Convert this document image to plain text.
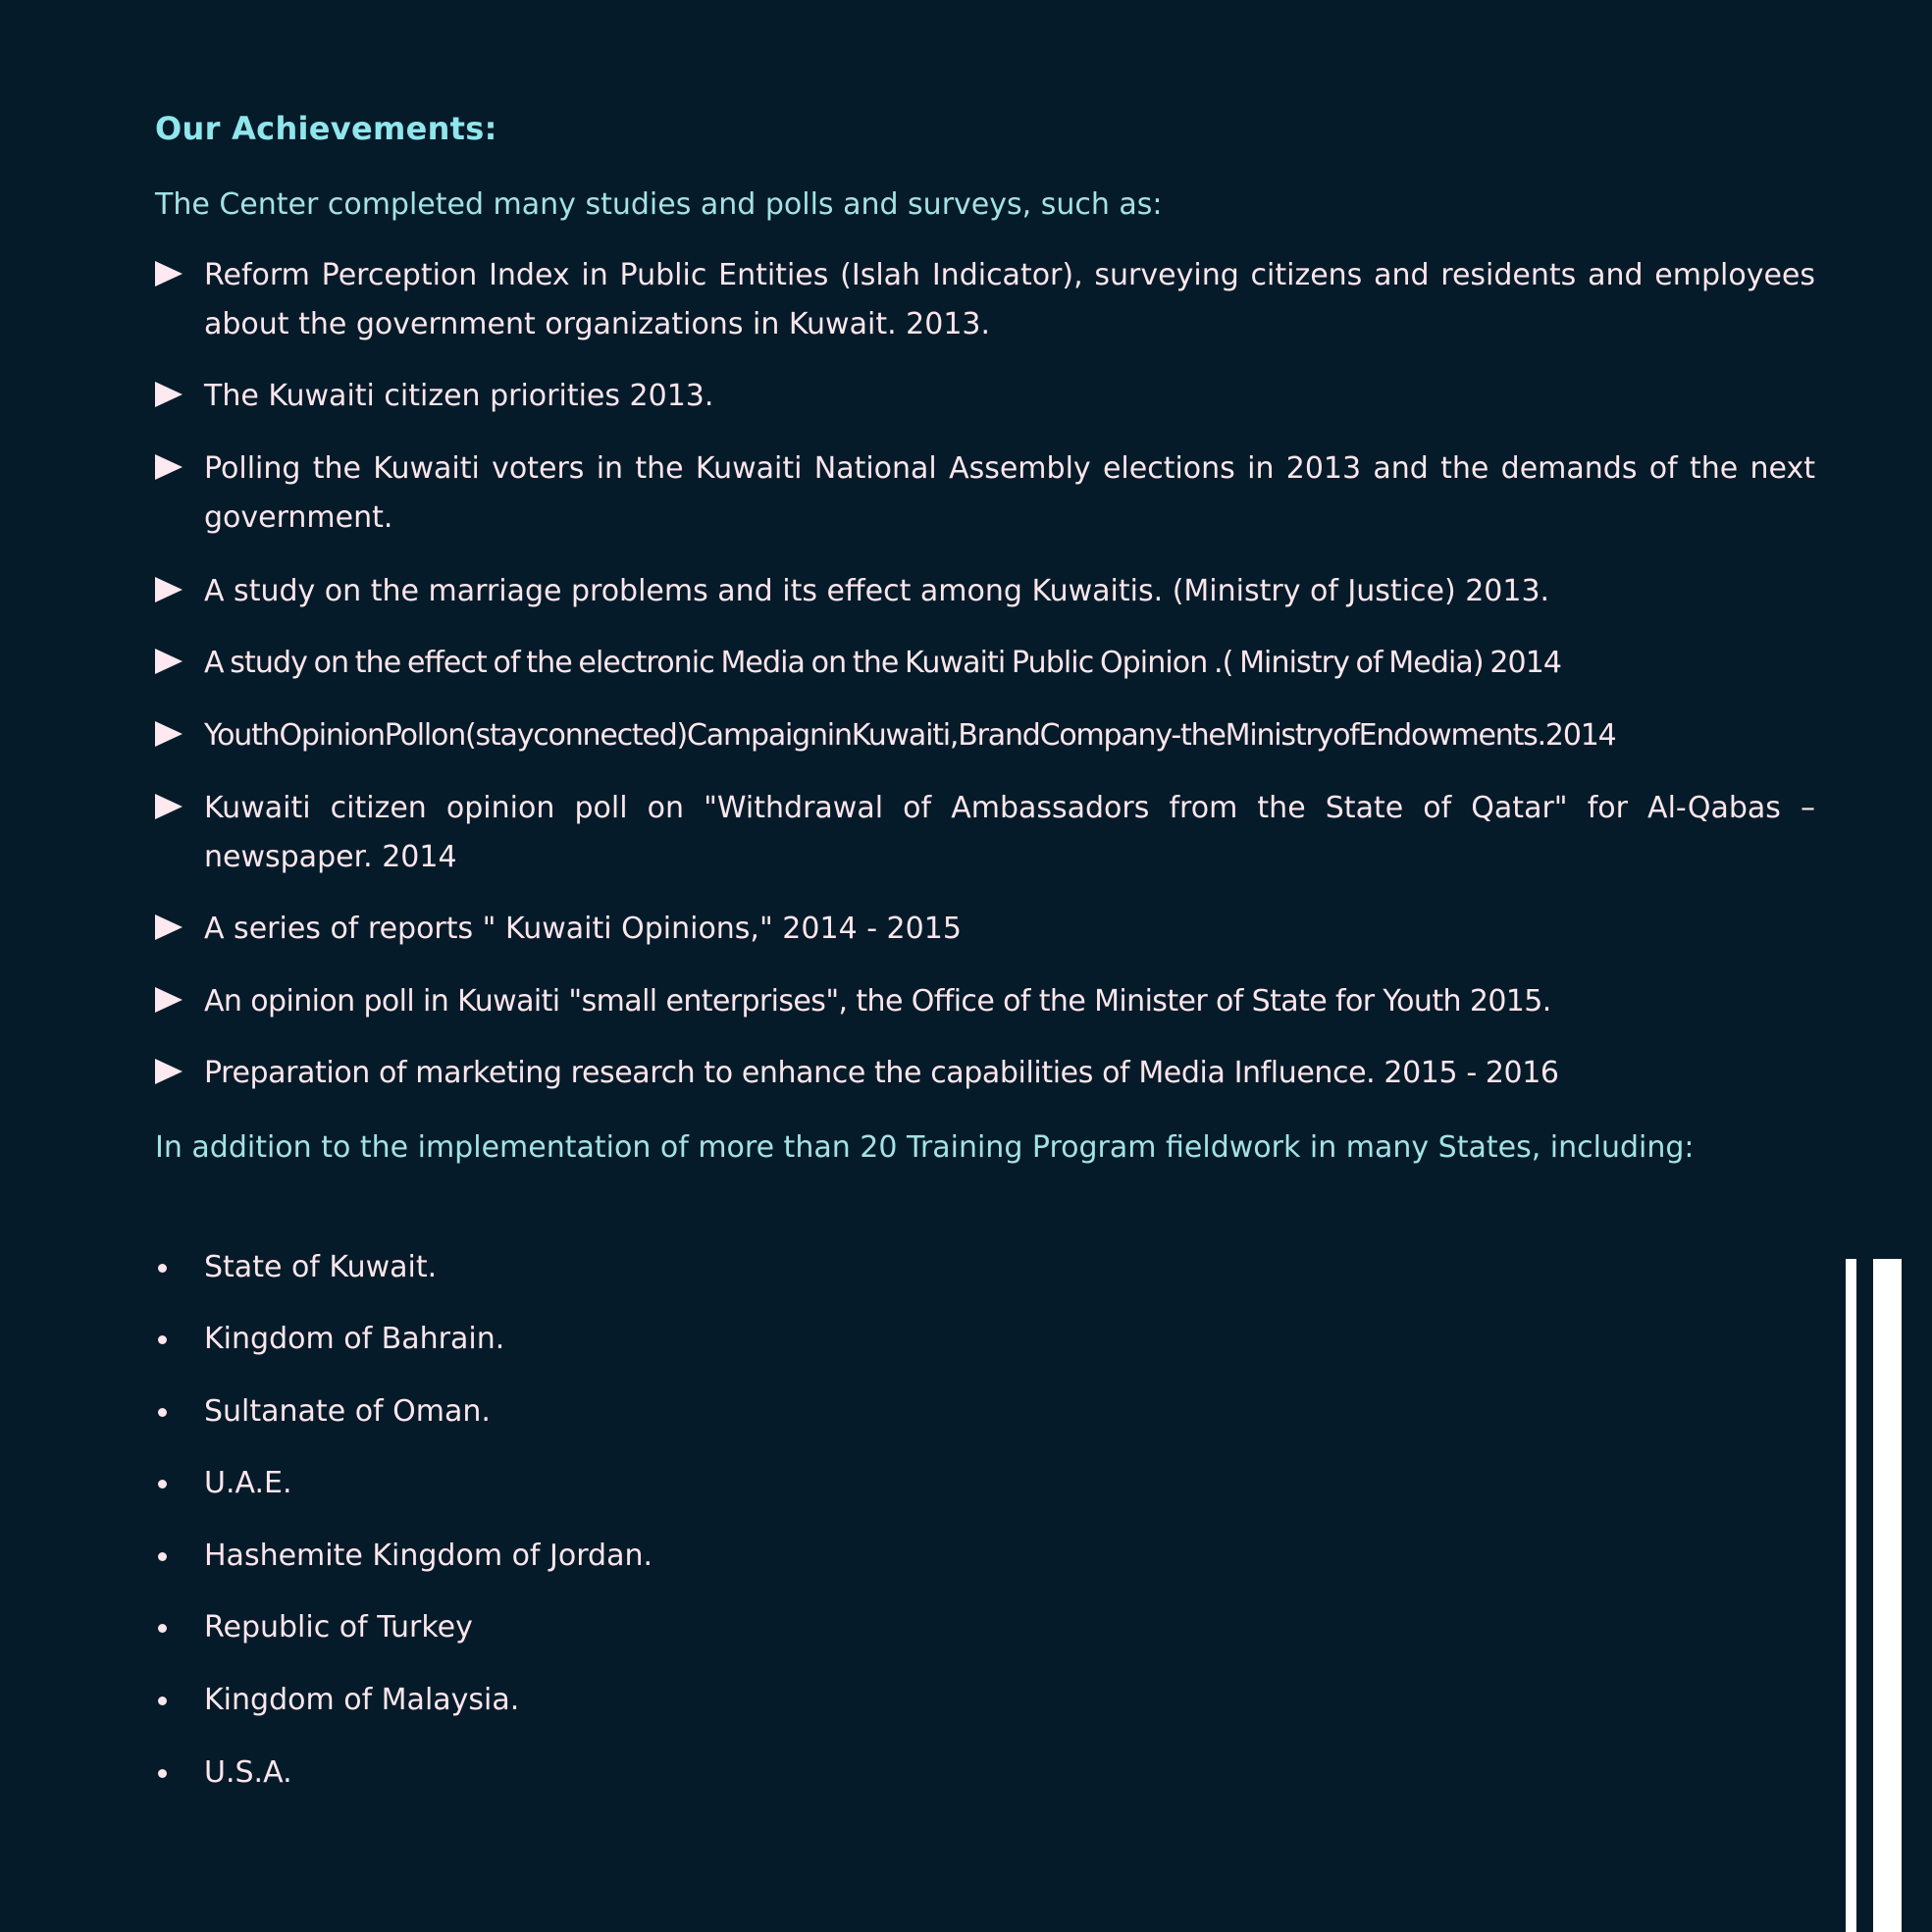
Our Achievements:
The Center completed many studies and polls and surveys, such as:
Reform Perception Index in Public Entities (Islah Indicator), surveying citizens and residents and employees about the government organizations in Kuwait. 2013.
The Kuwaiti citizen priorities 2013.
Polling the Kuwaiti voters in the Kuwaiti National Assembly elections in 2013 and the demands of the next government.
A study on the marriage problems and its effect among Kuwaitis. (Ministry of Justice) 2013.
A study on the effect of the electronic Media on the Kuwaiti Public Opinion .( Ministry of Media) 2014
YouthOpinionPollon(stayconnected)CampaigninKuwaiti,BrandCompany-theMinistryofEndowments.2014
Kuwaiti citizen opinion poll on "Withdrawal of Ambassadors from the State of Qatar" for Al-Qabas – newspaper. 2014
A series of reports " Kuwaiti Opinions," 2014 - 2015
An opinion poll in Kuwaiti "small enterprises", the Office of the Minister of State for Youth 2015.
Preparation of marketing research to enhance the capabilities of Media Influence. 2015 - 2016
In addition to the implementation of more than 20 Training Program fieldwork in many States, including:
State of Kuwait.
Kingdom of Bahrain.
Sultanate of Oman.
U.A.E.
Hashemite Kingdom of Jordan.
Republic of Turkey
Kingdom of Malaysia.
U.S.A.
